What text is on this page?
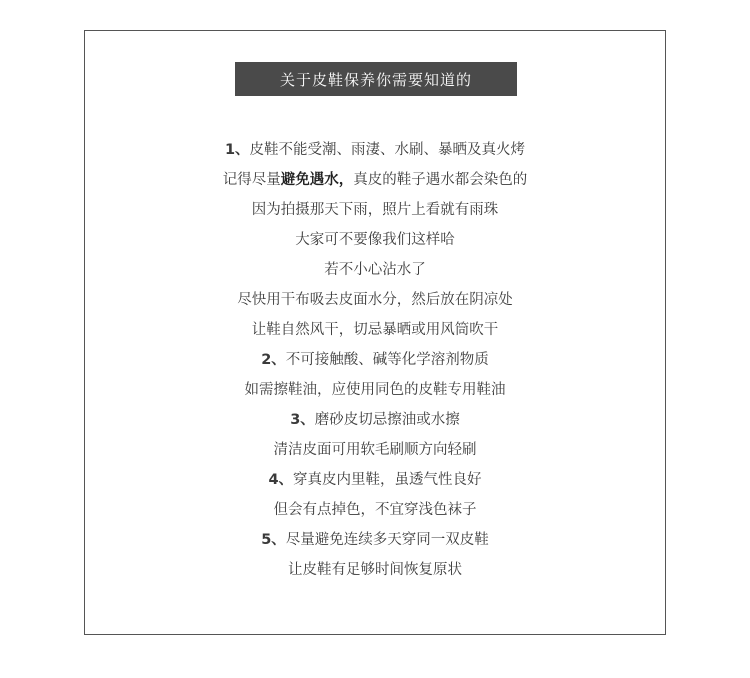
关于皮鞋保养你需要知道的
1、皮鞋不能受潮、雨淒、水刷、暴晒及真火烤
记得尽量避免遇水，真皮的鞋子遇水都会染色的
因为拍摄那天下雨，照片上看就有雨珠
大家可不要像我们这样哈
若不小心沾水了
尽快用干布吸去皮面水分，然后放在阴凉处
让鞋自然风干，切忌暴晒或用风筒吹干
2、不可接触酸、碱等化学溶剂物质
如需擦鞋油，应使用同色的皮鞋专用鞋油
3、磨砂皮切忌擦油或水擦
清洁皮面可用软毛刷顺方向轻刷
4、穿真皮内里鞋，虽透气性良好
但会有点掉色，不宜穿浅色袜子
5、尽量避免连续多天穿同一双皮鞋
让皮鞋有足够时间恢复原状
